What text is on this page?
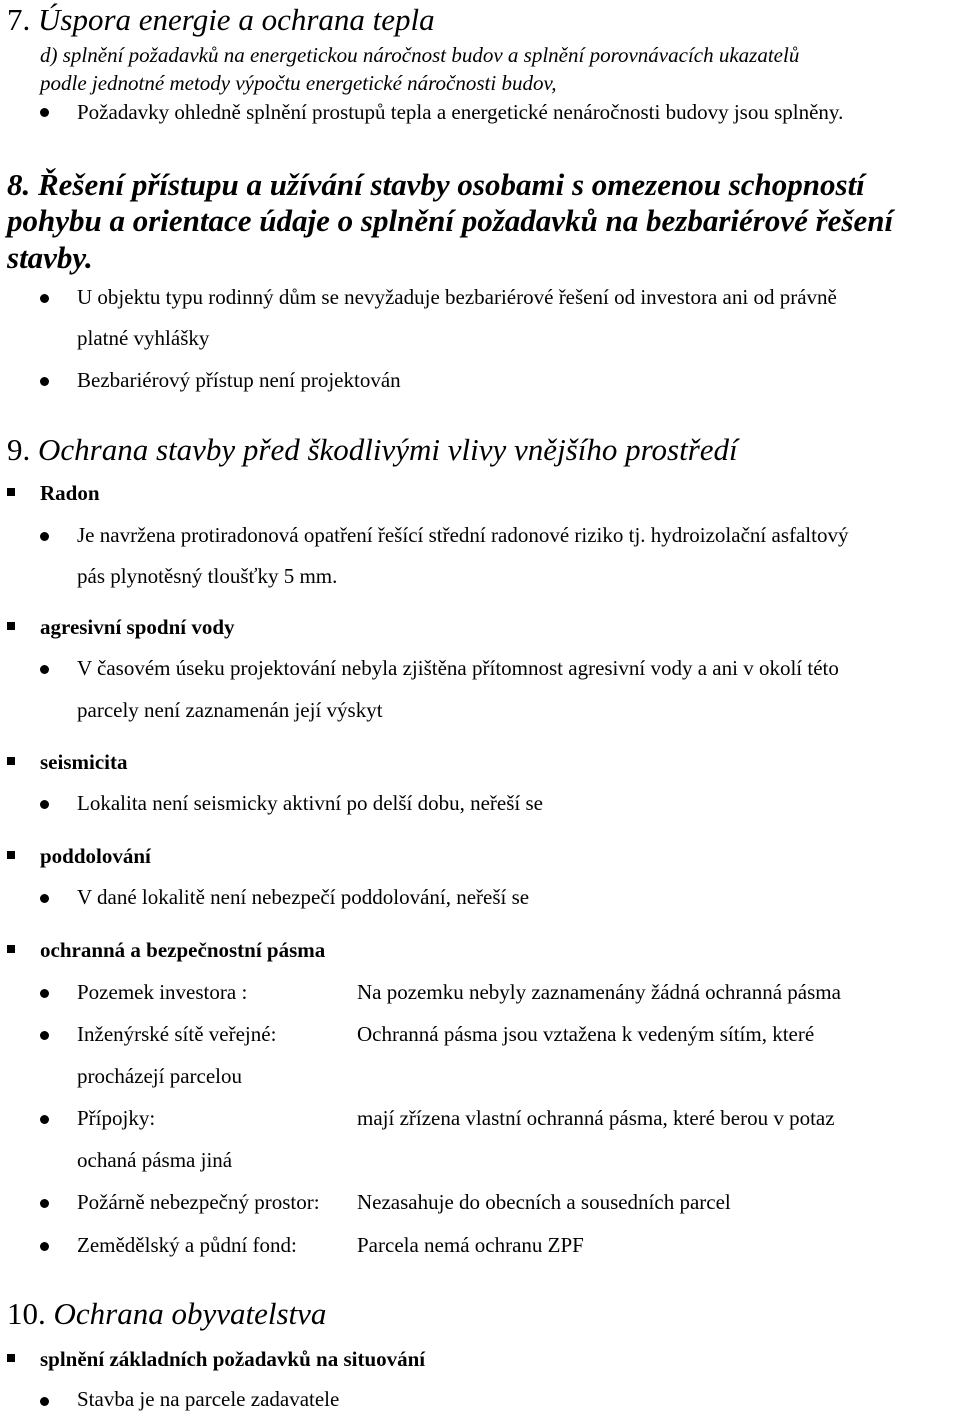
7. Úspora energie a ochrana tepla
d) splnění požadavků na energetickou náročnost budov a splnění porovnávacích ukazatelů
podle jednotné metody výpočtu energetické náročnosti budov,
Požadavky ohledně splnění prostupů tepla a energetické nenáročnosti budovy jsou splněny.
8. Řešení přístupu a užívání stavby osobami s omezenou schopností
pohybu a orientace údaje o splnění požadavků na bezbariérové řešení
stavby.
U objektu typu rodinný dům se nevyžaduje bezbariérové řešení od investora ani od právně
platné vyhlášky
Bezbariérový přístup není projektován
9. Ochrana stavby před škodlivými vlivy vnějšího prostředí
Radon
Je navržena protiradonová opatření řešící střední radonové riziko tj. hydroizolační asfaltový
pás plynotěsný tloušťky 5 mm.
agresivní spodní vody
V časovém úseku projektování nebyla zjištěna přítomnost agresivní vody a ani v okolí této
parcely není zaznamenán její výskyt
seismicita
Lokalita není seismicky aktivní po delší dobu, neřeší se
poddolování
V dané lokalitě není nebezpečí poddolování, neřeší se
ochranná a bezpečnostní pásma
Pozemek investora :	Na pozemku nebyly zaznamenány žádná ochranná pásma
Inženýrské sítě veřejné:	Ochranná pásma jsou vztažena k vedeným sítím, které
procházejí parcelou
Přípojky:	mají zřízena vlastní ochranná pásma, které berou v potaz
ochaná pásma jiná
Požárně nebezpečný prostor: Nezasahuje do obecních a sousedních parcel
Zemědělský a půdní fond:	Parcela nemá ochranu ZPF
10. Ochrana obyvatelstva
splnění základních požadavků na situování
Stavba je na parcele zadavatele
